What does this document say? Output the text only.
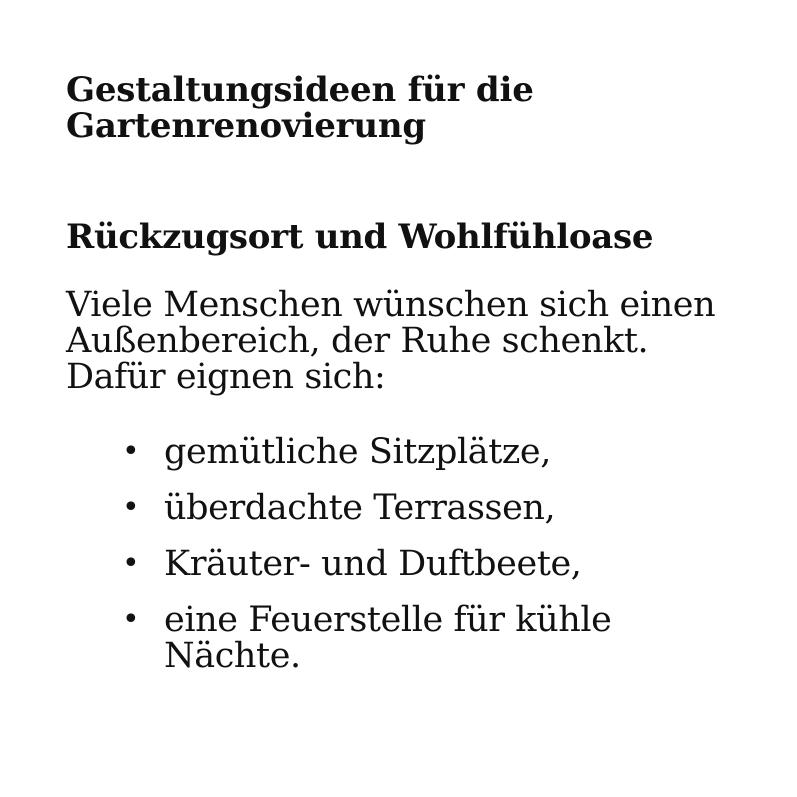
Gestaltungsideen für die Gartenrenovierung
Rückzugsort und Wohlfühloase

Viele Menschen wünschen sich einen Außenbereich, der Ruhe schenkt. Dafür eignen sich:

• gemütliche Sitzplätze,
• überdachte Terrassen,
• Kräuter- und Duftbeete,
• eine Feuerstelle für kühle Nächte.
